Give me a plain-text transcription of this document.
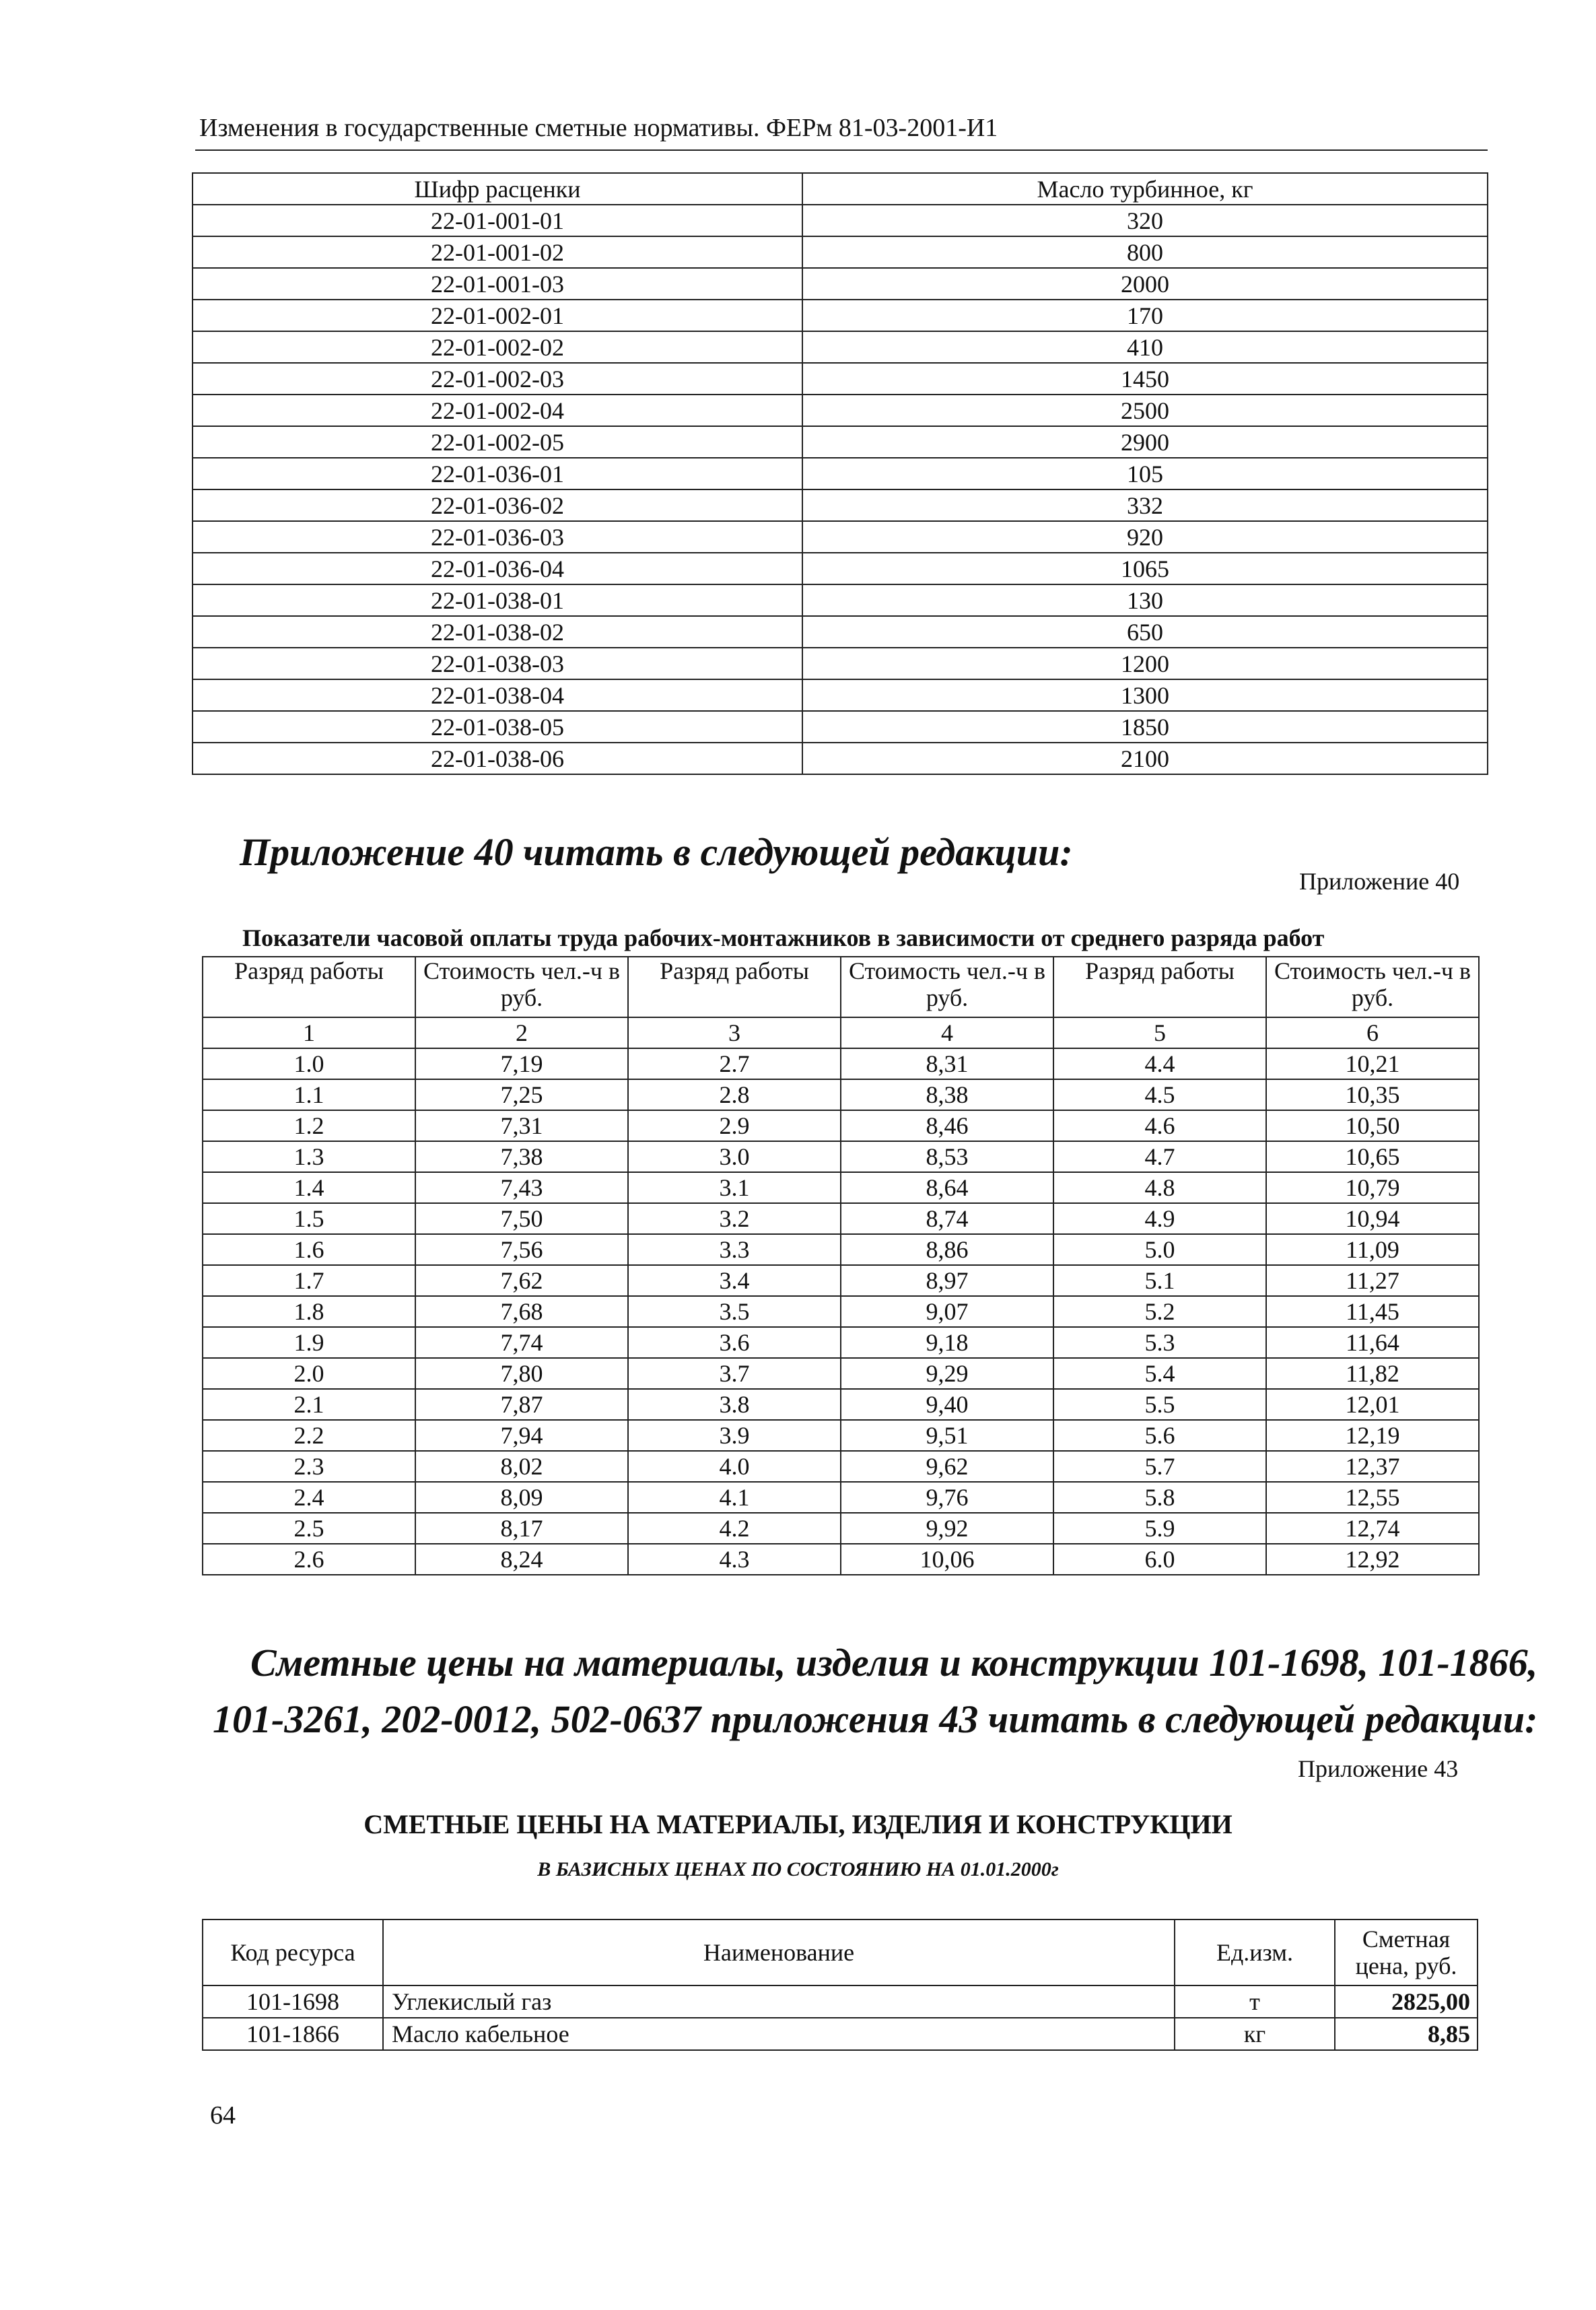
Изменения в государственные сметные нормативы. ФЕРм 81-03-2001-И1
Шифр расценки	Масло турбинное, кг
22-01-001-01	320
22-01-001-02	800
22-01-001-03	2000
22-01-002-01	170
22-01-002-02	410
22-01-002-03	1450
22-01-002-04	2500
22-01-002-05	2900
22-01-036-01	105
22-01-036-02	332
22-01-036-03	920
22-01-036-04	1065
22-01-038-01	130
22-01-038-02	650
22-01-038-03	1200
22-01-038-04	1300
22-01-038-05	1850
22-01-038-06	2100
Приложение 40 читать в следующей редакции:
Приложение 40
Показатели часовой оплаты труда рабочих-монтажников в зависимости от среднего разряда работ
Разряд работы	Стоимость чел.-ч в руб.	Разряд работы	Стоимость чел.-ч в руб.	Разряд работы	Стоимость чел.-ч в руб.
1	2	3	4	5	6
1.0	7,19	2.7	8,31	4.4	10,21
1.1	7,25	2.8	8,38	4.5	10,35
1.2	7,31	2.9	8,46	4.6	10,50
1.3	7,38	3.0	8,53	4.7	10,65
1.4	7,43	3.1	8,64	4.8	10,79
1.5	7,50	3.2	8,74	4.9	10,94
1.6	7,56	3.3	8,86	5.0	11,09
1.7	7,62	3.4	8,97	5.1	11,27
1.8	7,68	3.5	9,07	5.2	11,45
1.9	7,74	3.6	9,18	5.3	11,64
2.0	7,80	3.7	9,29	5.4	11,82
2.1	7,87	3.8	9,40	5.5	12,01
2.2	7,94	3.9	9,51	5.6	12,19
2.3	8,02	4.0	9,62	5.7	12,37
2.4	8,09	4.1	9,76	5.8	12,55
2.5	8,17	4.2	9,92	5.9	12,74
2.6	8,24	4.3	10,06	6.0	12,92
Сметные цены на материалы, изделия и конструкции 101-1698, 101-1866,
101-3261, 202-0012, 502-0637 приложения 43 читать в следующей редакции:
Приложение 43
СМЕТНЫЕ ЦЕНЫ НА МАТЕРИАЛЫ, ИЗДЕЛИЯ И КОНСТРУКЦИИ
В БАЗИСНЫХ ЦЕНАХ ПО СОСТОЯНИЮ НА 01.01.2000г
Код ресурса	Наименование	Ед.изм.	Сметная цена, руб.
101-1698	Углекислый газ	т	2825,00
101-1866	Масло кабельное	кг	8,85
64
